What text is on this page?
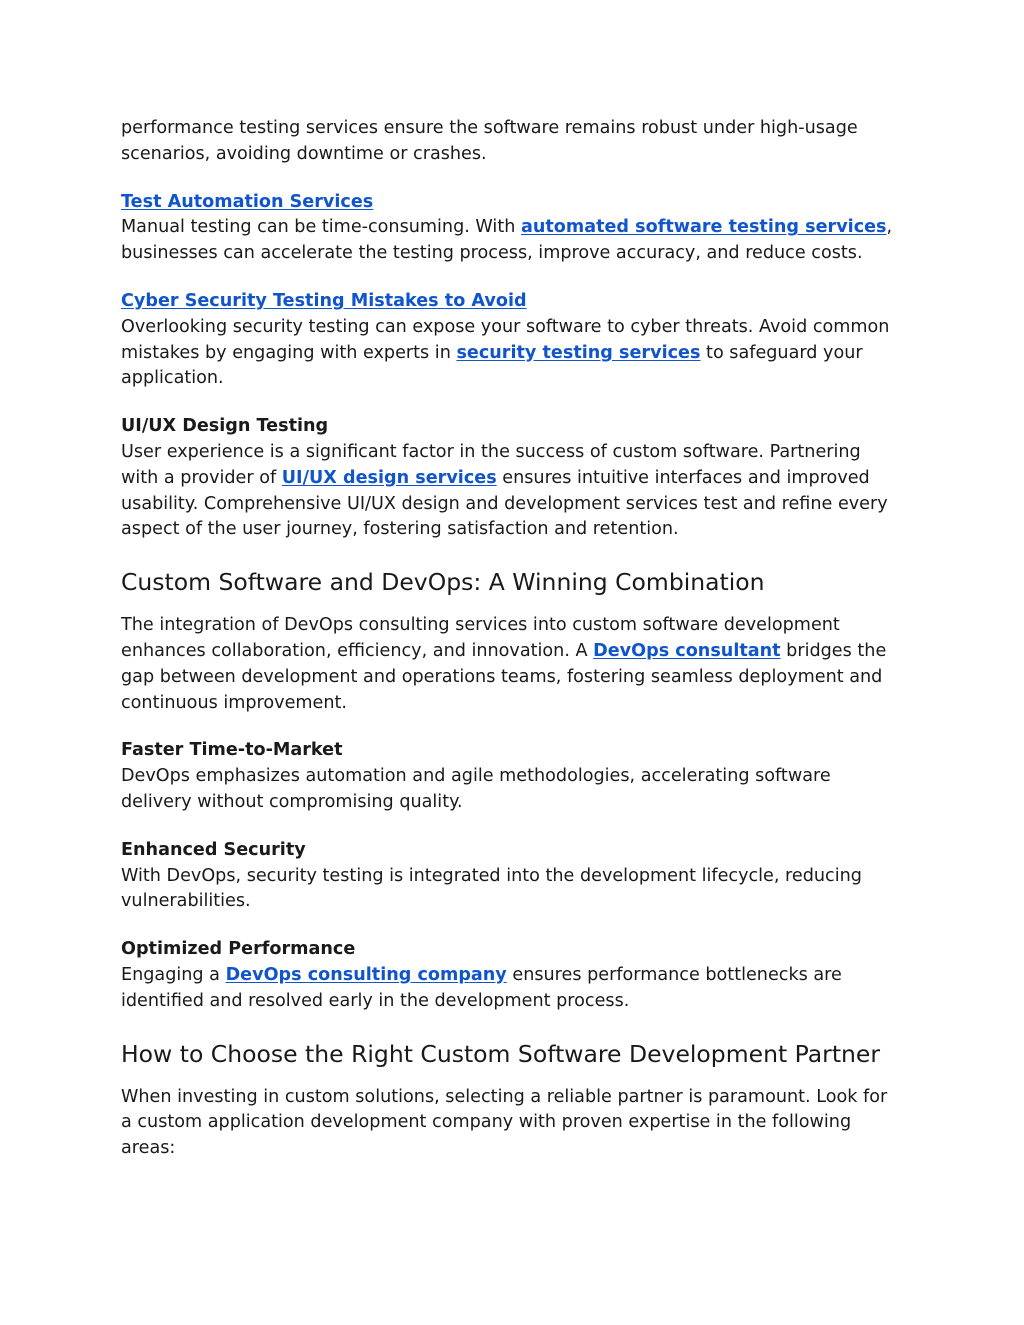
performance testing services ensure the software remains robust under high-usage scenarios, avoiding downtime or crashes.

Test Automation Services
Manual testing can be time-consuming. With automated software testing services, businesses can accelerate the testing process, improve accuracy, and reduce costs.

Cyber Security Testing Mistakes to Avoid
Overlooking security testing can expose your software to cyber threats. Avoid common mistakes by engaging with experts in security testing services to safeguard your application.

UI/UX Design Testing
User experience is a significant factor in the success of custom software. Partnering with a provider of UI/UX design services ensures intuitive interfaces and improved usability. Comprehensive UI/UX design and development services test and refine every aspect of the user journey, fostering satisfaction and retention.

Custom Software and DevOps: A Winning Combination

The integration of DevOps consulting services into custom software development enhances collaboration, efficiency, and innovation. A DevOps consultant bridges the gap between development and operations teams, fostering seamless deployment and continuous improvement.

Faster Time-to-Market
DevOps emphasizes automation and agile methodologies, accelerating software delivery without compromising quality.

Enhanced Security
With DevOps, security testing is integrated into the development lifecycle, reducing vulnerabilities.

Optimized Performance
Engaging a DevOps consulting company ensures performance bottlenecks are identified and resolved early in the development process.

How to Choose the Right Custom Software Development Partner

When investing in custom solutions, selecting a reliable partner is paramount. Look for a custom application development company with proven expertise in the following areas:
